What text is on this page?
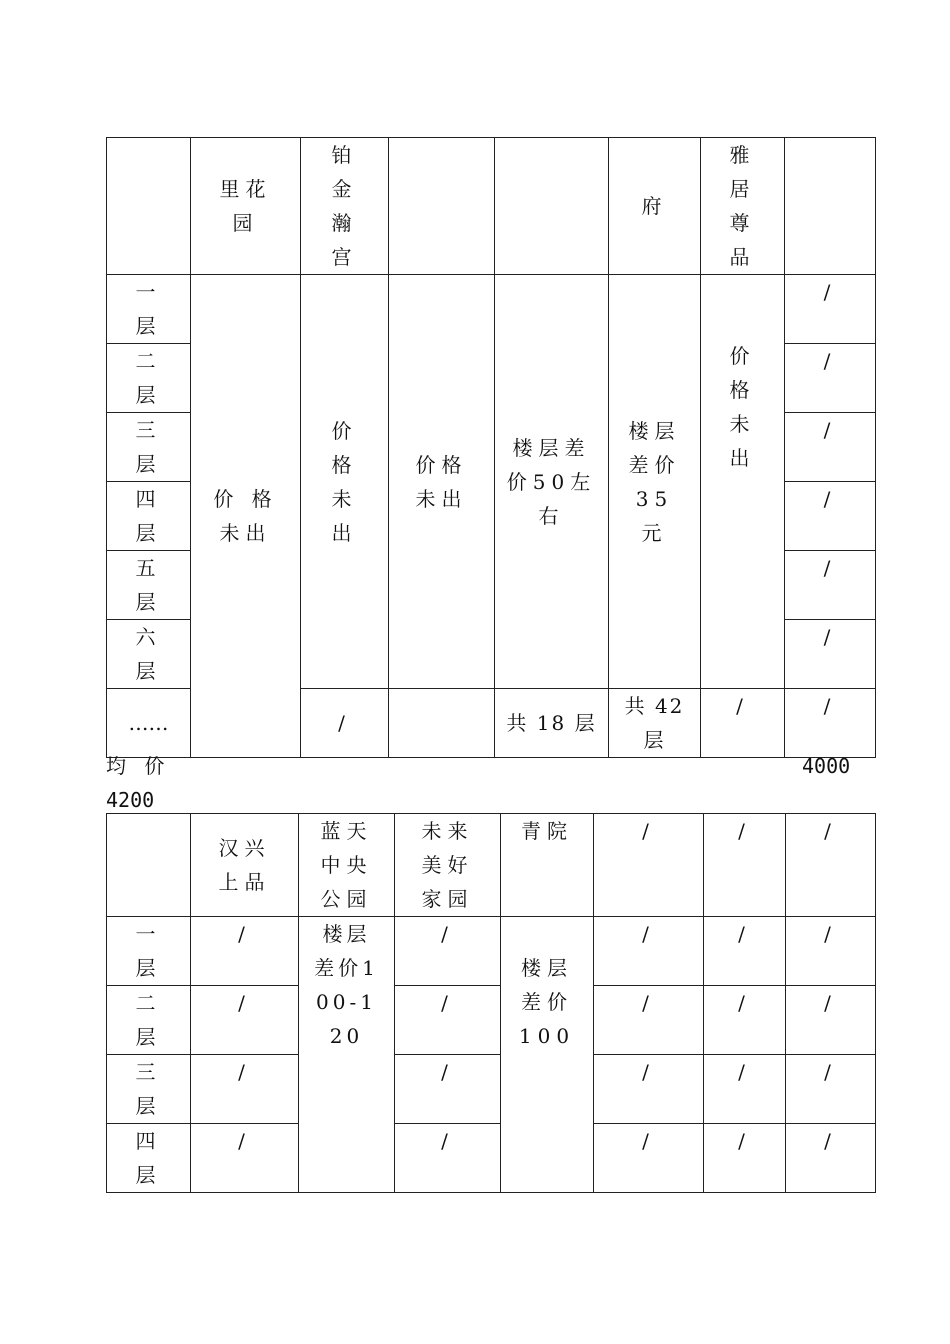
	里花园	铂金瀚宫			府	雅居尊品	
一层	价 格 未出	价格未出	价格 未出	楼层差价50左右	楼层差价35元	价格未出	/
二层							/
三层							/
四层							/
五层							/
六层							/
……		/		共 18 层	共 42 层	/	/
均 价	4000
4200
	汉兴上品	蓝天中央公园	未来美好家园	青院	/	/	/
一层	/	楼层差价100-120	/	楼层差价100	/	/	/
二层	/		/		/	/	/
三层	/		/		/	/	/
四层	/		/		/	/	/
